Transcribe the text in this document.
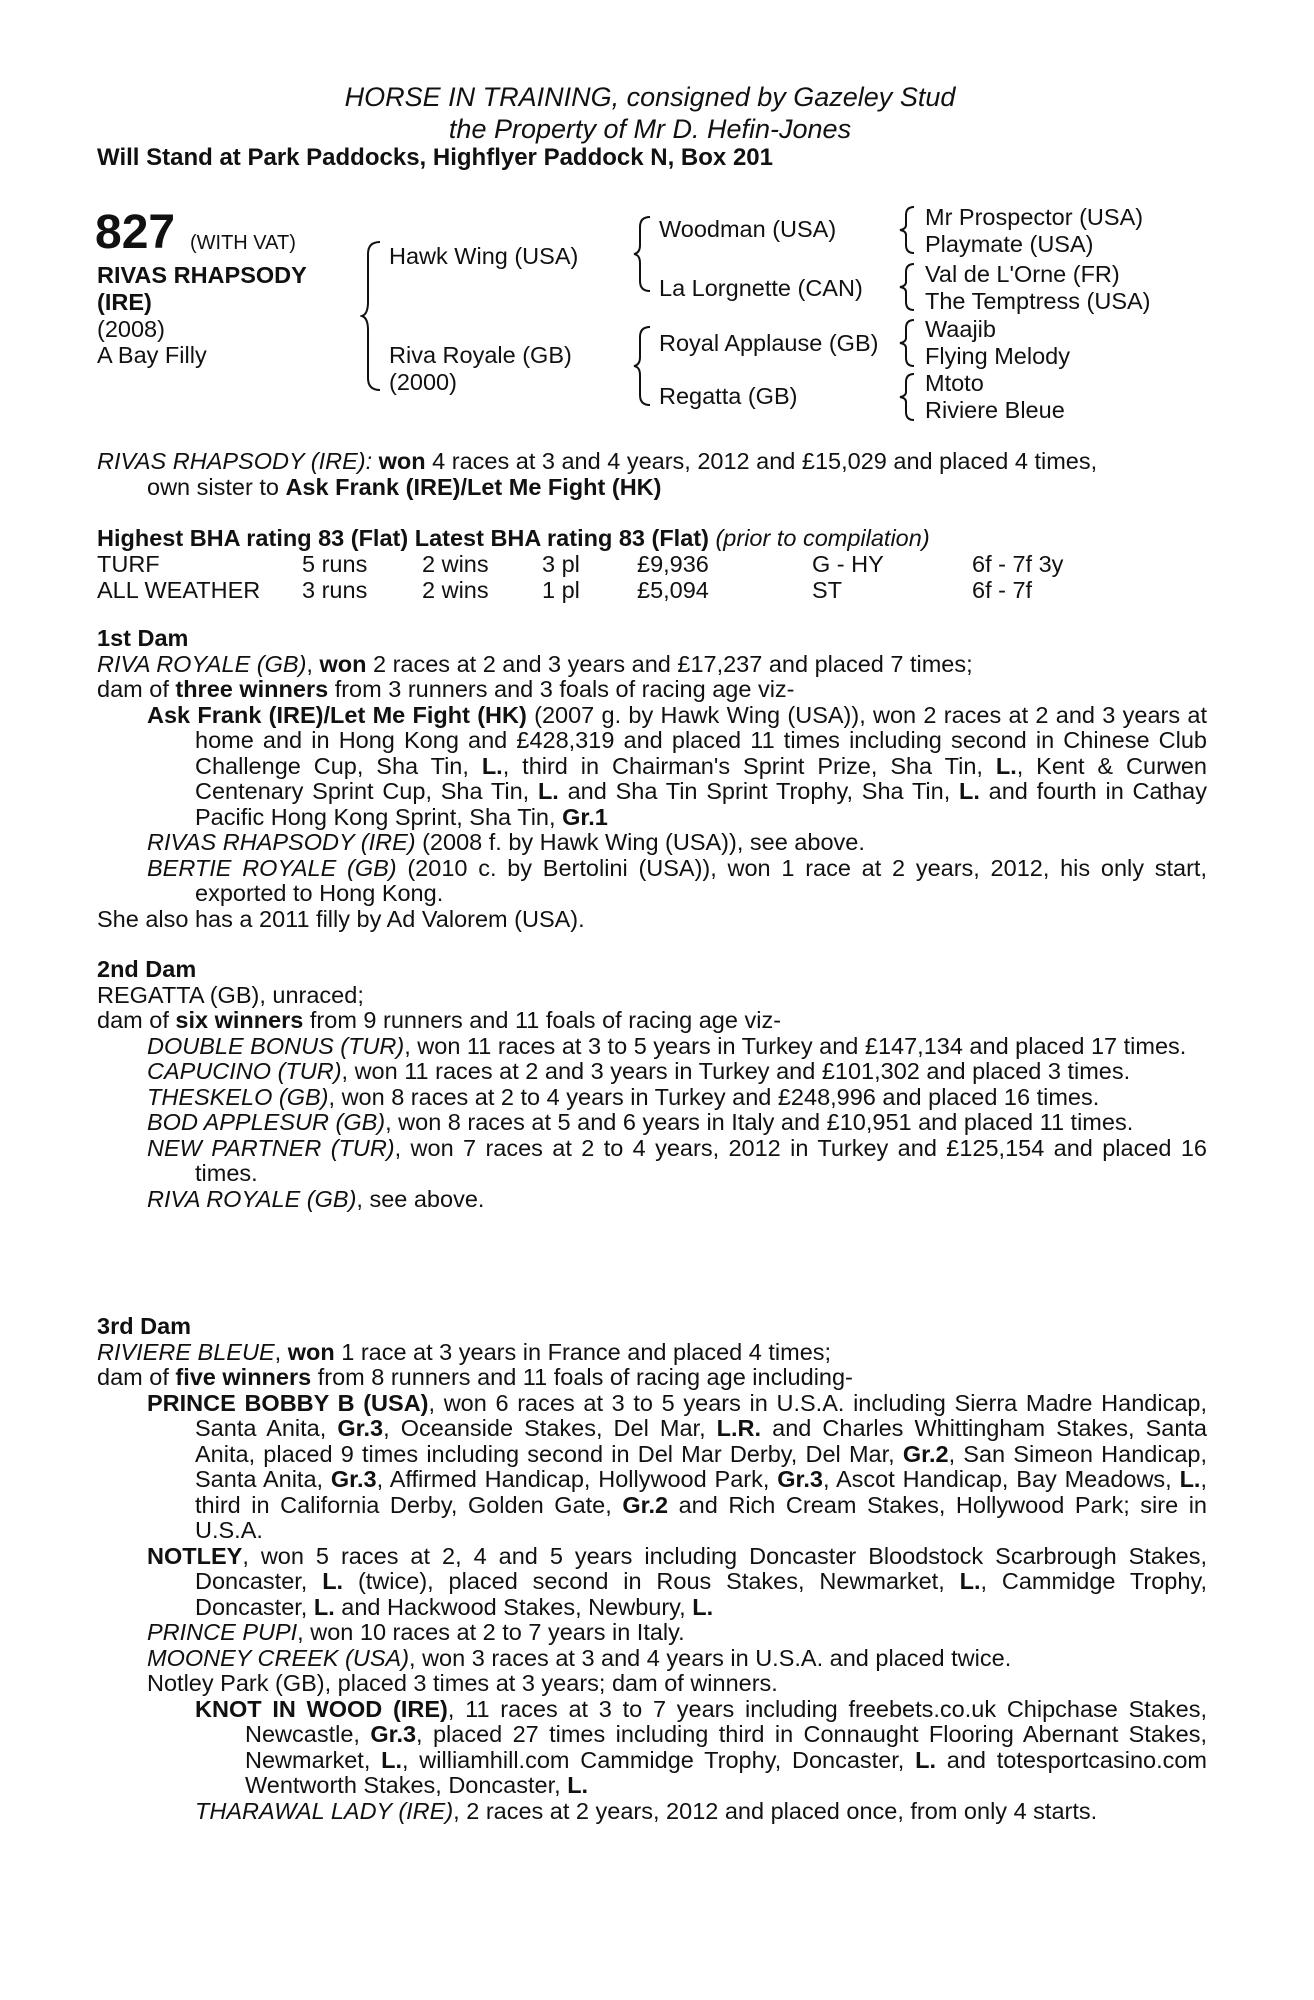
HORSE IN TRAINING, consigned by Gazeley Stud
the Property of Mr D. Hefin-Jones
Will Stand at Park Paddocks, Highflyer Paddock N, Box 201
827 (WITH VAT)
RIVAS RHAPSODY
(IRE)
(2008)
A Bay Filly
Hawk Wing (USA)
Riva Royale (GB)
(2000)
Woodman (USA)
La Lorgnette (CAN)
Royal Applause (GB)
Regatta (GB)
Mr Prospector (USA)
Playmate (USA)
Val de L'Orne (FR)
The Temptress (USA)
Waajib
Flying Melody
Mtoto
Riviere Bleue

RIVAS RHAPSODY (IRE): won 4 races at 3 and 4 years, 2012 and £15,029 and placed 4 times,

own sister to Ask Frank (IRE)/Let Me Fight (HK)

Highest BHA rating 83 (Flat) Latest BHA rating 83 (Flat) (prior to compilation)
TURF	5 runs 2 wins 3 pl £9,936	G - HY	6f - 7f 3y
ALL WEATHER 3 runs 2 wins 1 pl £5,094	ST	6f - 7f

1st Dam

RIVA ROYALE (GB), won 2 races at 2 and 3 years and £17,237 and placed 7 times;

dam of three winners from 3 runners and 3 foals of racing age viz-

Ask Frank (IRE)/Let Me Fight (HK) (2007 g. by Hawk Wing (USA)), won 2 races at 2 and 3 years at home and in Hong Kong and £428,319 and placed 11 times including second in Chinese Club Challenge Cup, Sha Tin, L., third in Chairman's Sprint Prize, Sha Tin, L., Kent & Curwen Centenary Sprint Cup, Sha Tin, L. and Sha Tin Sprint Trophy, Sha Tin, L. and fourth in Cathay Pacific Hong Kong Sprint, Sha Tin, Gr.1

RIVAS RHAPSODY (IRE) (2008 f. by Hawk Wing (USA)), see above.

BERTIE ROYALE (GB) (2010 c. by Bertolini (USA)), won 1 race at 2 years, 2012, his only start, exported to Hong Kong.

She also has a 2011 filly by Ad Valorem (USA).

2nd Dam

REGATTA (GB), unraced;

dam of six winners from 9 runners and 11 foals of racing age viz-

DOUBLE BONUS (TUR), won 11 races at 3 to 5 years in Turkey and £147,134 and placed 17 times.

CAPUCINO (TUR), won 11 races at 2 and 3 years in Turkey and £101,302 and placed 3 times.

THESKELO (GB), won 8 races at 2 to 4 years in Turkey and £248,996 and placed 16 times.

BOD APPLESUR (GB), won 8 races at 5 and 6 years in Italy and £10,951 and placed 11 times.

NEW PARTNER (TUR), won 7 races at 2 to 4 years, 2012 in Turkey and £125,154 and placed 16 times.

RIVA ROYALE (GB), see above.

3rd Dam

RIVIERE BLEUE, won 1 race at 3 years in France and placed 4 times;

dam of five winners from 8 runners and 11 foals of racing age including-

PRINCE BOBBY B (USA), won 6 races at 3 to 5 years in U.S.A. including Sierra Madre Handicap, Santa Anita, Gr.3, Oceanside Stakes, Del Mar, L.R. and Charles Whittingham Stakes, Santa Anita, placed 9 times including second in Del Mar Derby, Del Mar, Gr.2, San Simeon Handicap, Santa Anita, Gr.3, Affirmed Handicap, Hollywood Park, Gr.3, Ascot Handicap, Bay Meadows, L., third in California Derby, Golden Gate, Gr.2 and Rich Cream Stakes, Hollywood Park; sire in U.S.A.

NOTLEY, won 5 races at 2, 4 and 5 years including Doncaster Bloodstock Scarbrough Stakes, Doncaster, L. (twice), placed second in Rous Stakes, Newmarket, L., Cammidge Trophy, Doncaster, L. and Hackwood Stakes, Newbury, L.

PRINCE PUPI, won 10 races at 2 to 7 years in Italy.

MOONEY CREEK (USA), won 3 races at 3 and 4 years in U.S.A. and placed twice.

Notley Park (GB), placed 3 times at 3 years; dam of winners.

KNOT IN WOOD (IRE), 11 races at 3 to 7 years including freebets.co.uk Chipchase Stakes, Newcastle, Gr.3, placed 27 times including third in Connaught Flooring Abernant Stakes, Newmarket, L., williamhill.com Cammidge Trophy, Doncaster, L. and totesportcasino.com Wentworth Stakes, Doncaster, L.

THARAWAL LADY (IRE), 2 races at 2 years, 2012 and placed once, from only 4 starts.
